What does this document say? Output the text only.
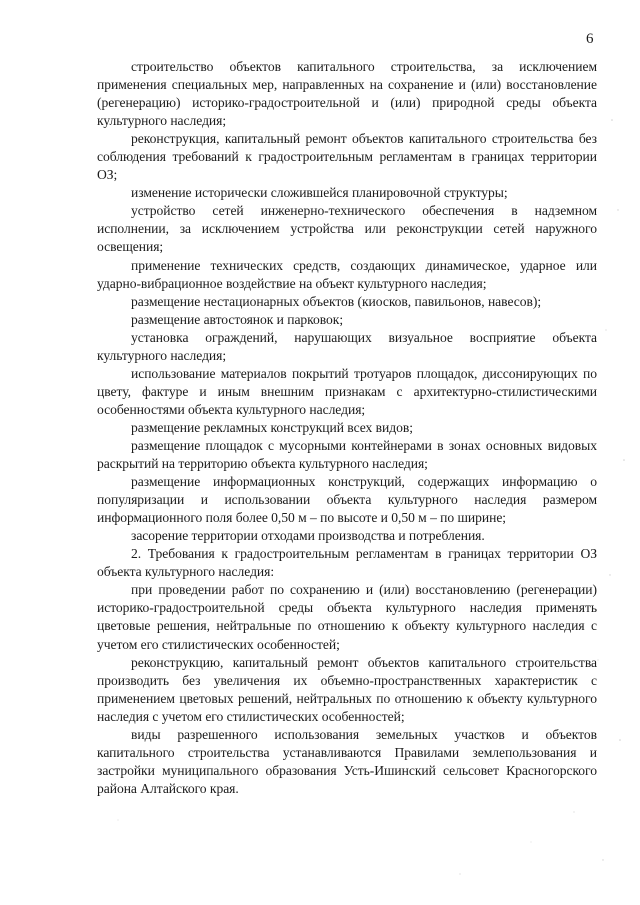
6

строительство объектов капитального строительства, за исключением применения специальных мер, направленных на сохранение и (или) восстановление (регенерацию) историко-градостроительной и (или) природной среды объекта культурного наследия;

реконструкция, капитальный ремонт объектов капитального строительства без соблюдения требований к градостроительным регламентам в границах территории ОЗ;

изменение исторически сложившейся планировочной структуры;

устройство сетей инженерно-технического обеспечения в надземном исполнении, за исключением устройства или реконструкции сетей наружного освещения;

применение технических средств, создающих динамическое, ударное или ударно-вибрационное воздействие на объект культурного наследия;

размещение нестационарных объектов (киосков, павильонов, навесов);

размещение автостоянок и парковок;

установка ограждений, нарушающих визуальное восприятие объекта культурного наследия;

использование материалов покрытий тротуаров площадок, диссонирующих по цвету, фактуре и иным внешним признакам с архитектурно-стилистическими особенностями объекта культурного наследия;

размещение рекламных конструкций всех видов;

размещение площадок с мусорными контейнерами в зонах основных видовых раскрытий на территорию объекта культурного наследия;

размещение информационных конструкций, содержащих информацию о популяризации и использовании объекта культурного наследия размером информационного поля более 0,50 м – по высоте и 0,50 м – по ширине;

засорение территории отходами производства и потребления.

2. Требования к градостроительным регламентам в границах территории ОЗ объекта культурного наследия:

при проведении работ по сохранению и (или) восстановлению (регенерации) историко-градостроительной среды объекта культурного наследия применять цветовые решения, нейтральные по отношению к объекту культурного наследия с учетом его стилистических особенностей;

реконструкцию, капитальный ремонт объектов капитального строительства производить без увеличения их объемно-пространственных характеристик с применением цветовых решений, нейтральных по отношению к объекту культурного наследия с учетом его стилистических особенностей;

виды разрешенного использования земельных участков и объектов капитального строительства устанавливаются Правилами землепользования и застройки муниципального образования Усть-Ишинский сельсовет Красногорского района Алтайского края.
